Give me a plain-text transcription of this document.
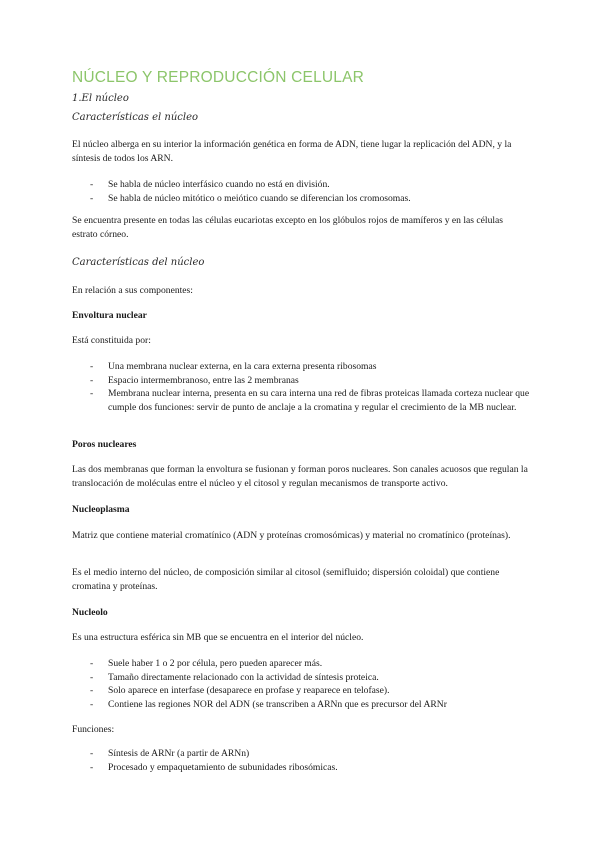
NÚCLEO Y REPRODUCCIÓN CELULAR
1.El núcleo
Características el núcleo

El núcleo alberga en su interior la información genética en forma de ADN, tiene lugar la replicación del ADN, y la síntesis de todos los ARN.

- Se habla de núcleo interfásico cuando no está en división.
- Se habla de núcleo mitótico o meiótico cuando se diferencian los cromosomas.

Se encuentra presente en todas las células eucariotas excepto en los glóbulos rojos de mamíferos y en las células estrato córneo.

Características del núcleo

En relación a sus componentes:

Envoltura nuclear

Está constituida por:

- Una membrana nuclear externa, en la cara externa presenta ribosomas
- Espacio intermembranoso, entre las 2 membranas
- Membrana nuclear interna, presenta en su cara interna una red de fibras proteicas llamada corteza nuclear que cumple dos funciones: servir de punto de anclaje a la cromatina y regular el crecimiento de la MB nuclear.

Poros nucleares

Las dos membranas que forman la envoltura se fusionan y forman poros nucleares. Son canales acuosos que regulan la translocación de moléculas entre el núcleo y el citosol y regulan mecanismos de transporte activo.

Nucleoplasma

Matriz que contiene material cromatínico (ADN y proteínas cromosómicas) y material no cromatínico (proteínas).

Es el medio interno del núcleo, de composición similar al citosol (semifluido; dispersión coloidal) que contiene cromatina y proteínas.

Nucleolo

Es una estructura esférica sin MB que se encuentra en el interior del núcleo.

- Suele haber 1 o 2 por célula, pero pueden aparecer más.
- Tamaño directamente relacionado con la actividad de síntesis proteica.
- Solo aparece en interfase (desaparece en profase y reaparece en telofase).
- Contiene las regiones NOR del ADN (se transcriben a ARNn que es precursor del ARNr

Funciones:

- Síntesis de ARNr (a partir de ARNn)
- Procesado y empaquetamiento de subunidades ribosómicas.
